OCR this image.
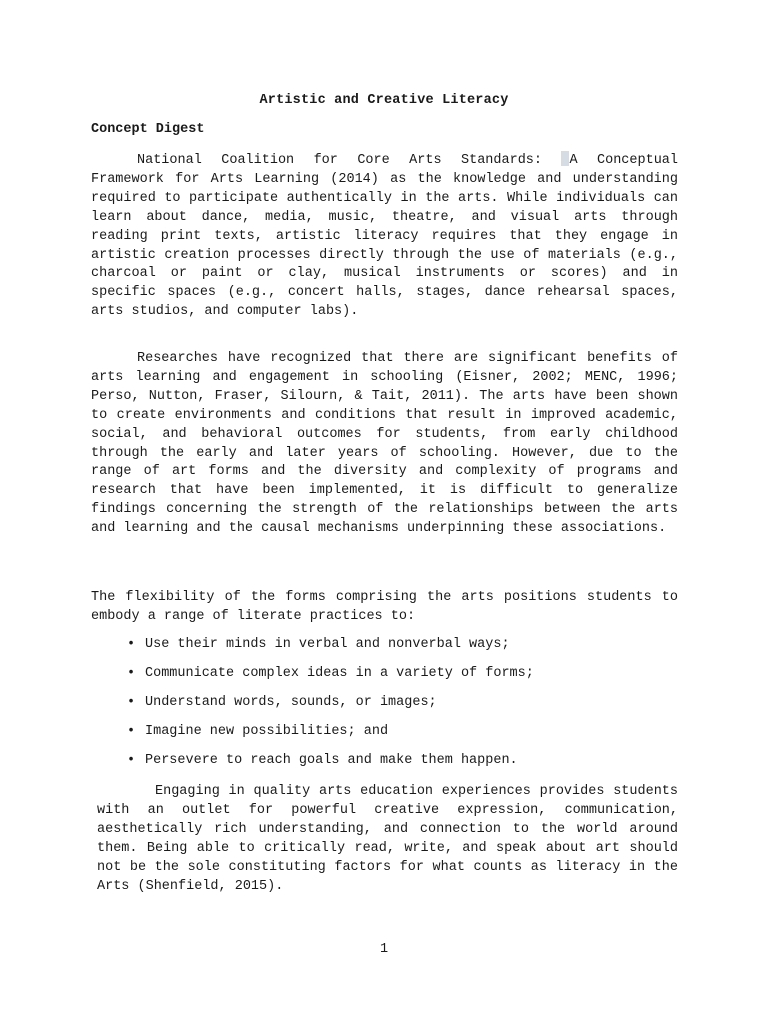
Artistic and Creative Literacy
Concept Digest

National Coalition for Core Arts Standards: A Conceptual Framework for Arts Learning (2014) as the knowledge and understanding required to participate authentically in the arts. While individuals can learn about dance, media, music, theatre, and visual arts through reading print texts, artistic literacy requires that they engage in artistic creation processes directly through the use of materials (e.g., charcoal or paint or clay, musical instruments or scores) and in specific spaces (e.g., concert halls, stages, dance rehearsal spaces, arts studios, and computer labs).

Researches have recognized that there are significant benefits of arts learning and engagement in schooling (Eisner, 2002; MENC, 1996; Perso, Nutton, Fraser, Silourn, & Tait, 2011). The arts have been shown to create environments and conditions that result in improved academic, social, and behavioral outcomes for students, from early childhood through the early and later years of schooling. However, due to the range of art forms and the diversity and complexity of programs and research that have been implemented, it is difficult to generalize findings concerning the strength of the relationships between the arts and learning and the causal mechanisms underpinning these associations.

The flexibility of the forms comprising the arts positions students to embody a range of literate practices to:

• Use their minds in verbal and nonverbal ways;
• Communicate complex ideas in a variety of forms;
• Understand words, sounds, or images;
• Imagine new possibilities; and
• Persevere to reach goals and make them happen.

Engaging in quality arts education experiences provides students with an outlet for powerful creative expression, communication, aesthetically rich understanding, and connection to the world around them. Being able to critically read, write, and speak about art should not be the sole constituting factors for what counts as literacy in the Arts (Shenfield, 2015).

1
